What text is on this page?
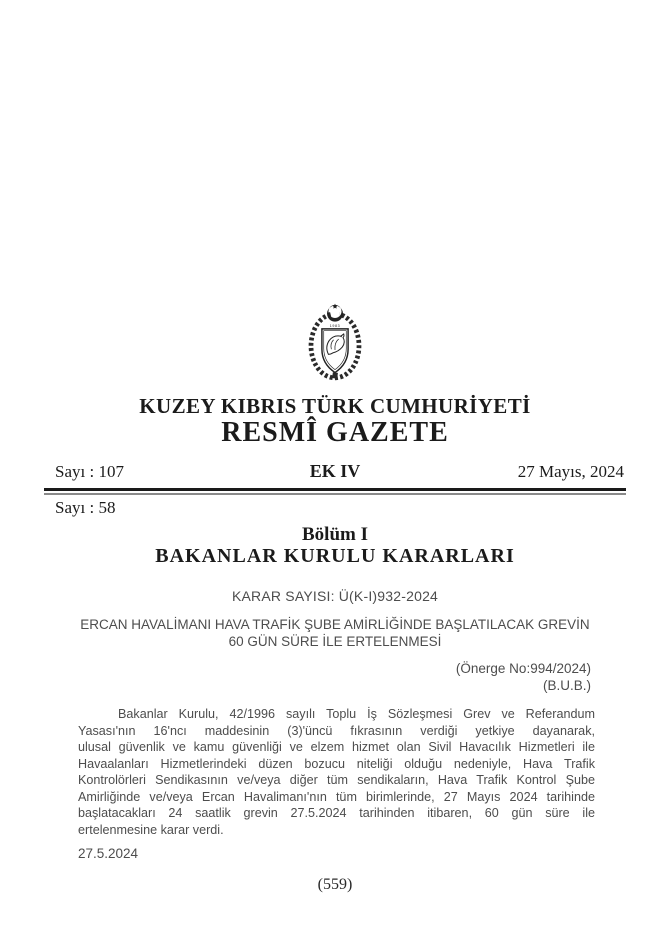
1983
KUZEY KIBRIS TÜRK CUMHURİYETİ
RESMÎ GAZETE
Sayı : 107	EK IV	27 Mayıs, 2024
Sayı : 58
Bölüm I
BAKANLAR KURULU KARARLARI
KARAR SAYISI: Ü(K-I)932-2024
ERCAN HAVALİMANI HAVA TRAFİK ŞUBE AMİRLİĞİNDE BAŞLATILACAK GREVİN
60 GÜN SÜRE İLE ERTELENMESİ
(Önerge No:994/2024)
(B.U.B.)
Bakanlar Kurulu, 42/1996 sayılı Toplu İş Sözleşmesi Grev ve Referandum
Yasası'nın 16'ncı maddesinin (3)'üncü fıkrasının verdiği yetkiye dayanarak,
ulusal güvenlik ve kamu güvenliği ve elzem hizmet olan Sivil Havacılık Hizmetleri ile
Havaalanları Hizmetlerindeki düzen bozucu niteliği olduğu nedeniyle, Hava Trafik
Kontrolörleri Sendikasının ve/veya diğer tüm sendikaların, Hava Trafik Kontrol Şube
Amirliğinde ve/veya Ercan Havalimanı'nın tüm birimlerinde, 27 Mayıs 2024 tarihinde
başlatacakları 24 saatlik grevin 27.5.2024 tarihinden itibaren, 60 gün süre ile
ertelenmesine karar verdi.
27.5.2024
(559)
